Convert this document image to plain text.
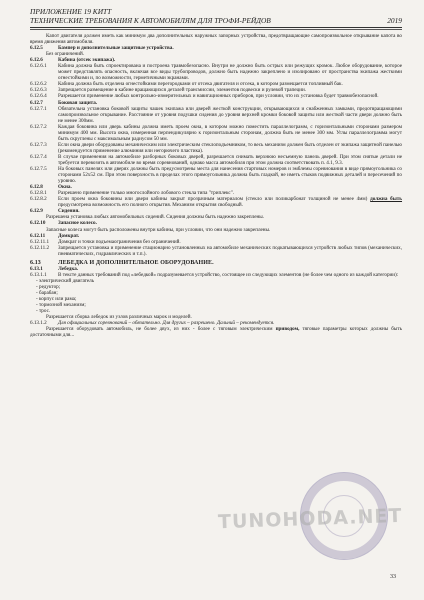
ПРИЛОЖЕНИЕ 19 КИТТ
ТЕХНИЧЕСКИЕ ТРЕБОВАНИЯ К АВТОМОБИЛЯМ ДЛЯ ТРОФИ-РЕЙДОВ	2019
Капот двигателя должен иметь как минимум два дополнительных наружных запорных устройства, предотвращающие самопроизвольное открывание капота во время движения автомобиля.
6.12.5	Бампер и дополнительные защитные устройства.
Без ограничений.
6.12.6	Кабина (отсек экипажа).
6.12.6.1	Кабина должна быть спроектирована и построена травмобезопасно. Внутри не должно быть острых или режущих кромок. Любое оборудование, которое может представлять опасность, включая все виды трубопроводов, должно быть надежно закреплено и изолировано от пространства экипажа жесткими огнестойкими и, по возможности, герметичными экранами.
6.12.6.2	Кабина должна быть отделена огнестойкими перегородками от отсека двигателя и отсека, в котором размещается топливный бак.
6.12.6.3	Запрещается размещение в кабине вращающихся деталей трансмиссии, элементов подвески и рулевой трапеции.
6.12.6.4	Разрешается применение любых контрольно-измерительных и навигационных приборов, при условии, что их установка будет травмобезопасной.
6.12.7	Боковая защита.
6.12.7.1	Обязательна установка боковой защиты чашек экипажа или дверей жесткой конструкции, открывающихся и снабженных замками, предотвращающими самопроизвольное открывание. Расстояние от уровня подушки сидения до уровня верхней кромки боковой защиты или жесткой части двери должно быть не менее 300мм.
6.12.7.2	Каждая боковина или дверь кабины должна иметь проем окна, в котором можно поместить параллелограмм, с горизонтальными сторонами размером минимум 400 мм. Высота окна, измеренная перпендикулярно к горизонтальным сторонам, должна быть не менее 300 мм. Углы параллелограмма могут быть скруглены с максимальным радиусом 50 мм.
6.12.7.3	Если окна двери оборудованы механическим или электрическим стеклоподъемником, то весь механизм должен быть отделен от экипажа защитной панелью (рекомендуется применение алюминия или негорючего пластика).
6.12.7.4	В случае применения на автомобиле разборных боковых дверей, разрешается снимать верхнюю несъемную панель дверей. При этом снятые детали не требуется перевозить в автомобиле во время соревнований, однако масса автомобиля при этом должна соответствовать п. 4.1, 9.3.
6.12.7.5	На боковых панелях или дверях должны быть предусмотрены места для нанесения стартовых номеров и эмблемы соревнования в виде прямоугольника со сторонами 52х52 см. При этом поверхность в пределах этого прямоугольника должна быть гладкой, не иметь стыков подвижных деталей и пересечений по уровню.
6.12.8	Окна.
6.12.8.1	Разрешено применение только многослойного лобового стекла типа "триплекс".
6.12.8.2	Если проем окна боковины или двери кабины закрыт прозрачным материалом (стекло или поликарбонат толщиной не менее 4мм) должна быть предусмотрена возможность его полного открытия. Механизм открытия свободный.
6.12.9	Сидения.
Разрешена установка любых автомобильных сидений. Сидения должны быть надежно закреплены.
6.12.10	Запасное колесо.
Запасные колеса могут быть расположены внутри кабины, при условии, что они надежно закреплены.
6.12.11	Домкрат.
6.12.11.1	Домкрат и точки подъемаограничения без ограничений.
6.12.11.2	Запрещается установка и применение стационарно установленных на автомобиле механических подкатывающихся устройств любых типов (механических, пневматических, гидравлических и т.п.).
6.13	ЛЕБЕДКА И ДОПОЛНИТЕЛЬНОЕ ОБОРУДОВАНИЕ.
6.13.1	Лебедка.
6.13.1.1	В тексте данных требований под «лебедкой» подразумевается устройство, состоящее из следующих элементов (не более чем одного из каждой категории):
- электрический двигатель
- редуктор;
- барабан;
- корпус или рама;
- тормозной механизм;
- трос.
Разрешается сборка лебедок из узлов различных марок и моделей.
6.13.1.2	Для официальных соревнований – обязательно. Для других – разрешено. Дальний – рекомендуется.
Разрешается оборудовать автомобиль, не более двух, из них - более с тяговым электрическим приводом, тяговые параметры которых должны быть достаточными для...
TUNOHODA.NET
33
